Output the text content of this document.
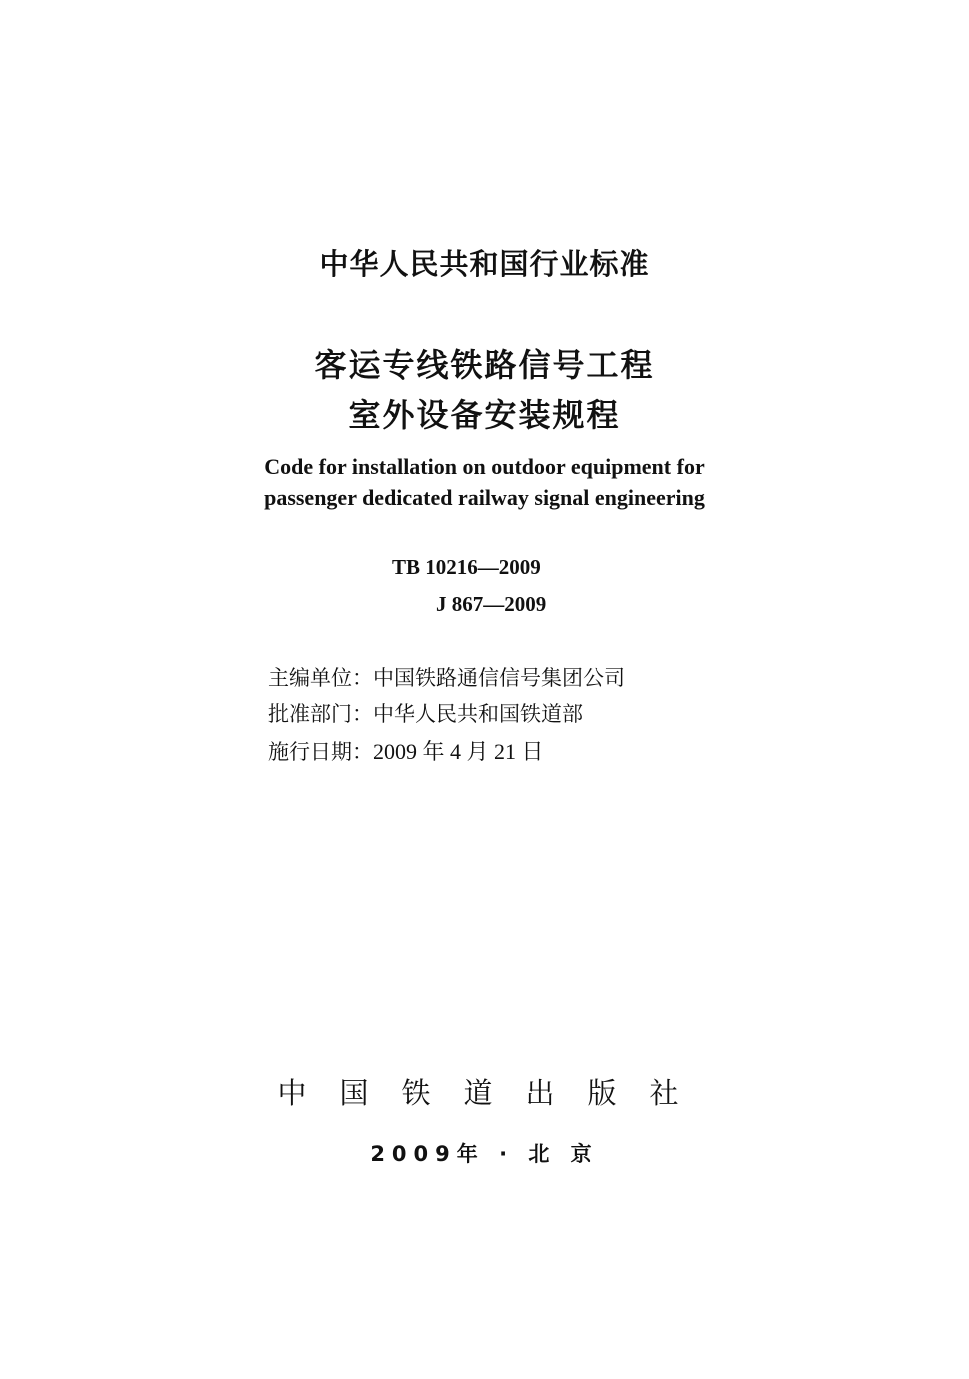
中华人民共和国行业标准
客运专线铁路信号工程
室外设备安装规程
Code for installation on outdoor equipment for
passenger dedicated railway signal engineering
TB 10216—2009
J 867—2009
主编单位：中国铁路通信信号集团公司
批准部门：中华人民共和国铁道部
施行日期：2009 年 4 月 21 日
中国铁道出版社
2009年 · 北 京
